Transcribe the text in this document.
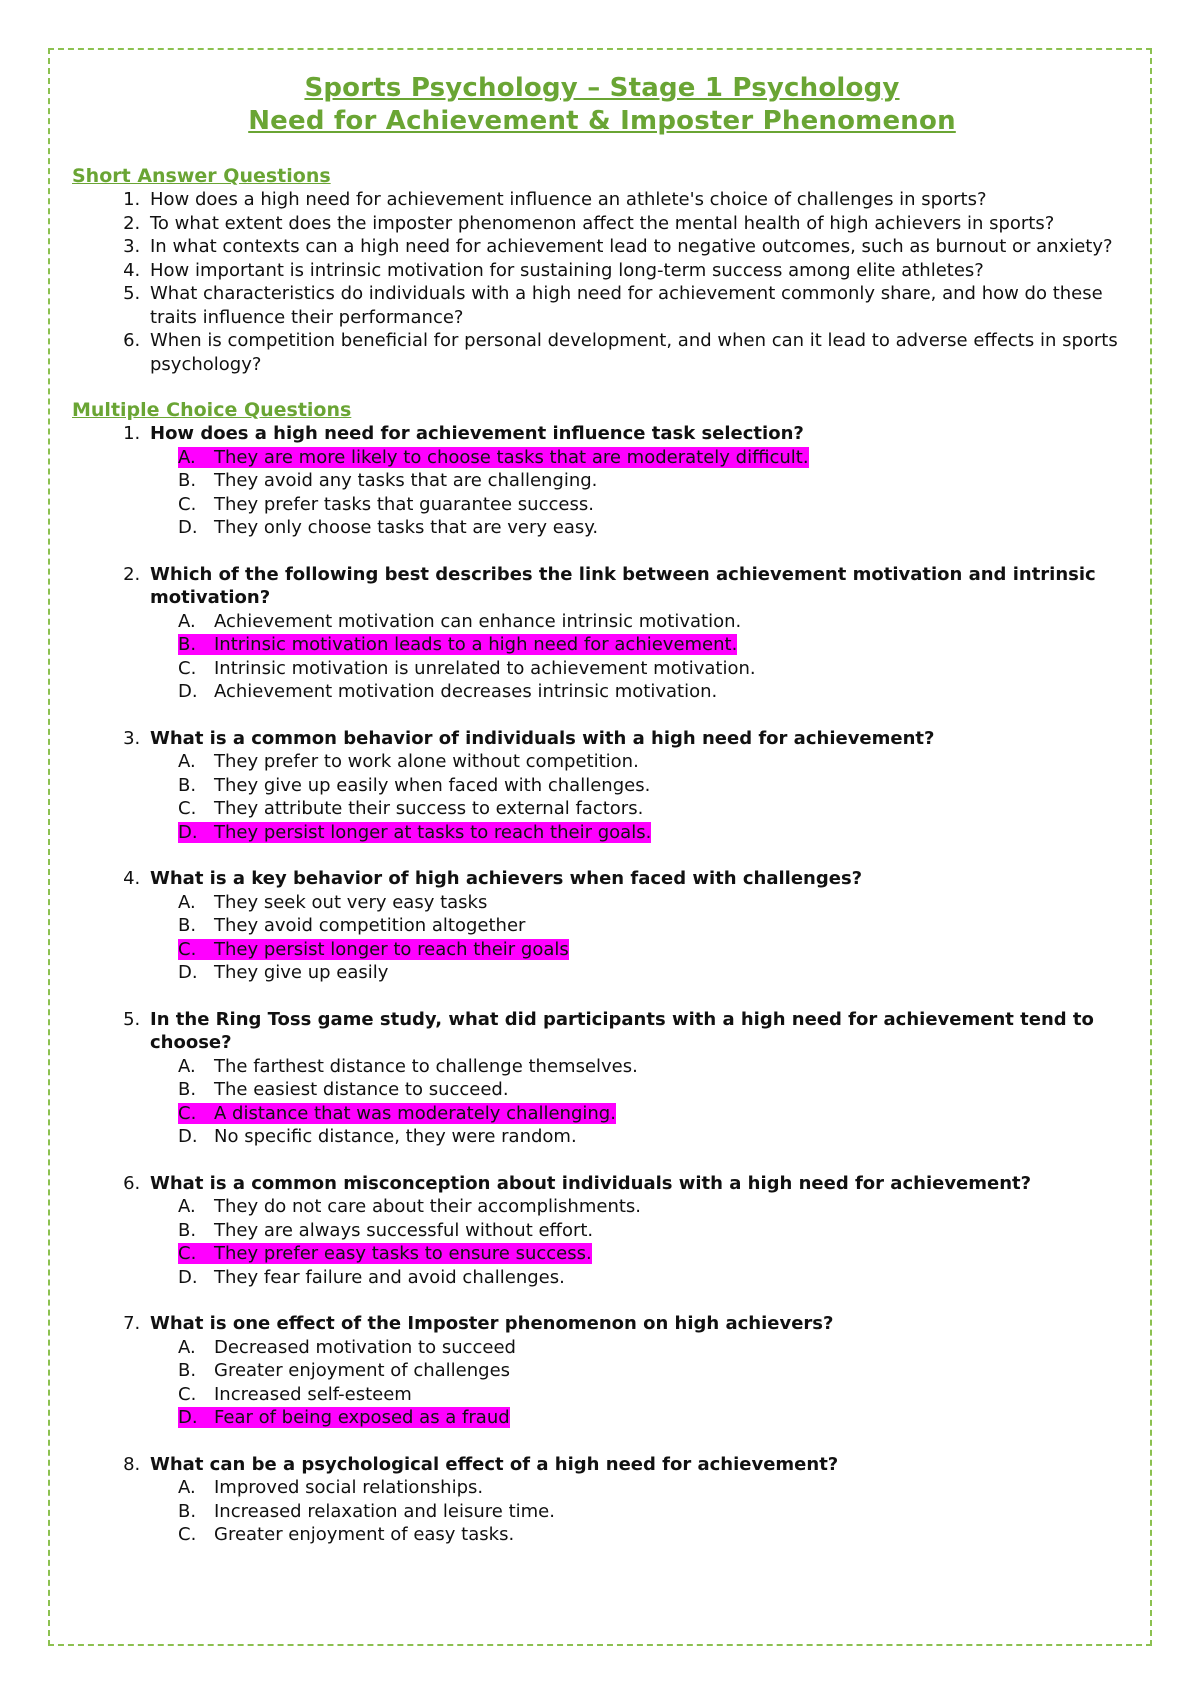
Sports Psychology – Stage 1 Psychology
Need for Achievement & Imposter Phenomenon
Short Answer Questions
1. How does a high need for achievement influence an athlete's choice of challenges in sports?
2. To what extent does the imposter phenomenon affect the mental health of high achievers in sports?
3. In what contexts can a high need for achievement lead to negative outcomes, such as burnout or anxiety?
4. How important is intrinsic motivation for sustaining long-term success among elite athletes?
5. What characteristics do individuals with a high need for achievement commonly share, and how do these traits influence their performance?
6. When is competition beneficial for personal development, and when can it lead to adverse effects in sports psychology?
Multiple Choice Questions
1. How does a high need for achievement influence task selection?
A. They are more likely to choose tasks that are moderately difficult.
B. They avoid any tasks that are challenging.
C. They prefer tasks that guarantee success.
D. They only choose tasks that are very easy.
2. Which of the following best describes the link between achievement motivation and intrinsic motivation?
A. Achievement motivation can enhance intrinsic motivation.
B. Intrinsic motivation leads to a high need for achievement.
C. Intrinsic motivation is unrelated to achievement motivation.
D. Achievement motivation decreases intrinsic motivation.
3. What is a common behavior of individuals with a high need for achievement?
A. They prefer to work alone without competition.
B. They give up easily when faced with challenges.
C. They attribute their success to external factors.
D. They persist longer at tasks to reach their goals.
4. What is a key behavior of high achievers when faced with challenges?
A. They seek out very easy tasks
B. They avoid competition altogether
C. They persist longer to reach their goals
D. They give up easily
5. In the Ring Toss game study, what did participants with a high need for achievement tend to choose?
A. The farthest distance to challenge themselves.
B. The easiest distance to succeed.
C. A distance that was moderately challenging.
D. No specific distance, they were random.
6. What is a common misconception about individuals with a high need for achievement?
A. They do not care about their accomplishments.
B. They are always successful without effort.
C. They prefer easy tasks to ensure success.
D. They fear failure and avoid challenges.
7. What is one effect of the Imposter phenomenon on high achievers?
A. Decreased motivation to succeed
B. Greater enjoyment of challenges
C. Increased self-esteem
D. Fear of being exposed as a fraud
8. What can be a psychological effect of a high need for achievement?
A. Improved social relationships.
B. Increased relaxation and leisure time.
C. Greater enjoyment of easy tasks.
